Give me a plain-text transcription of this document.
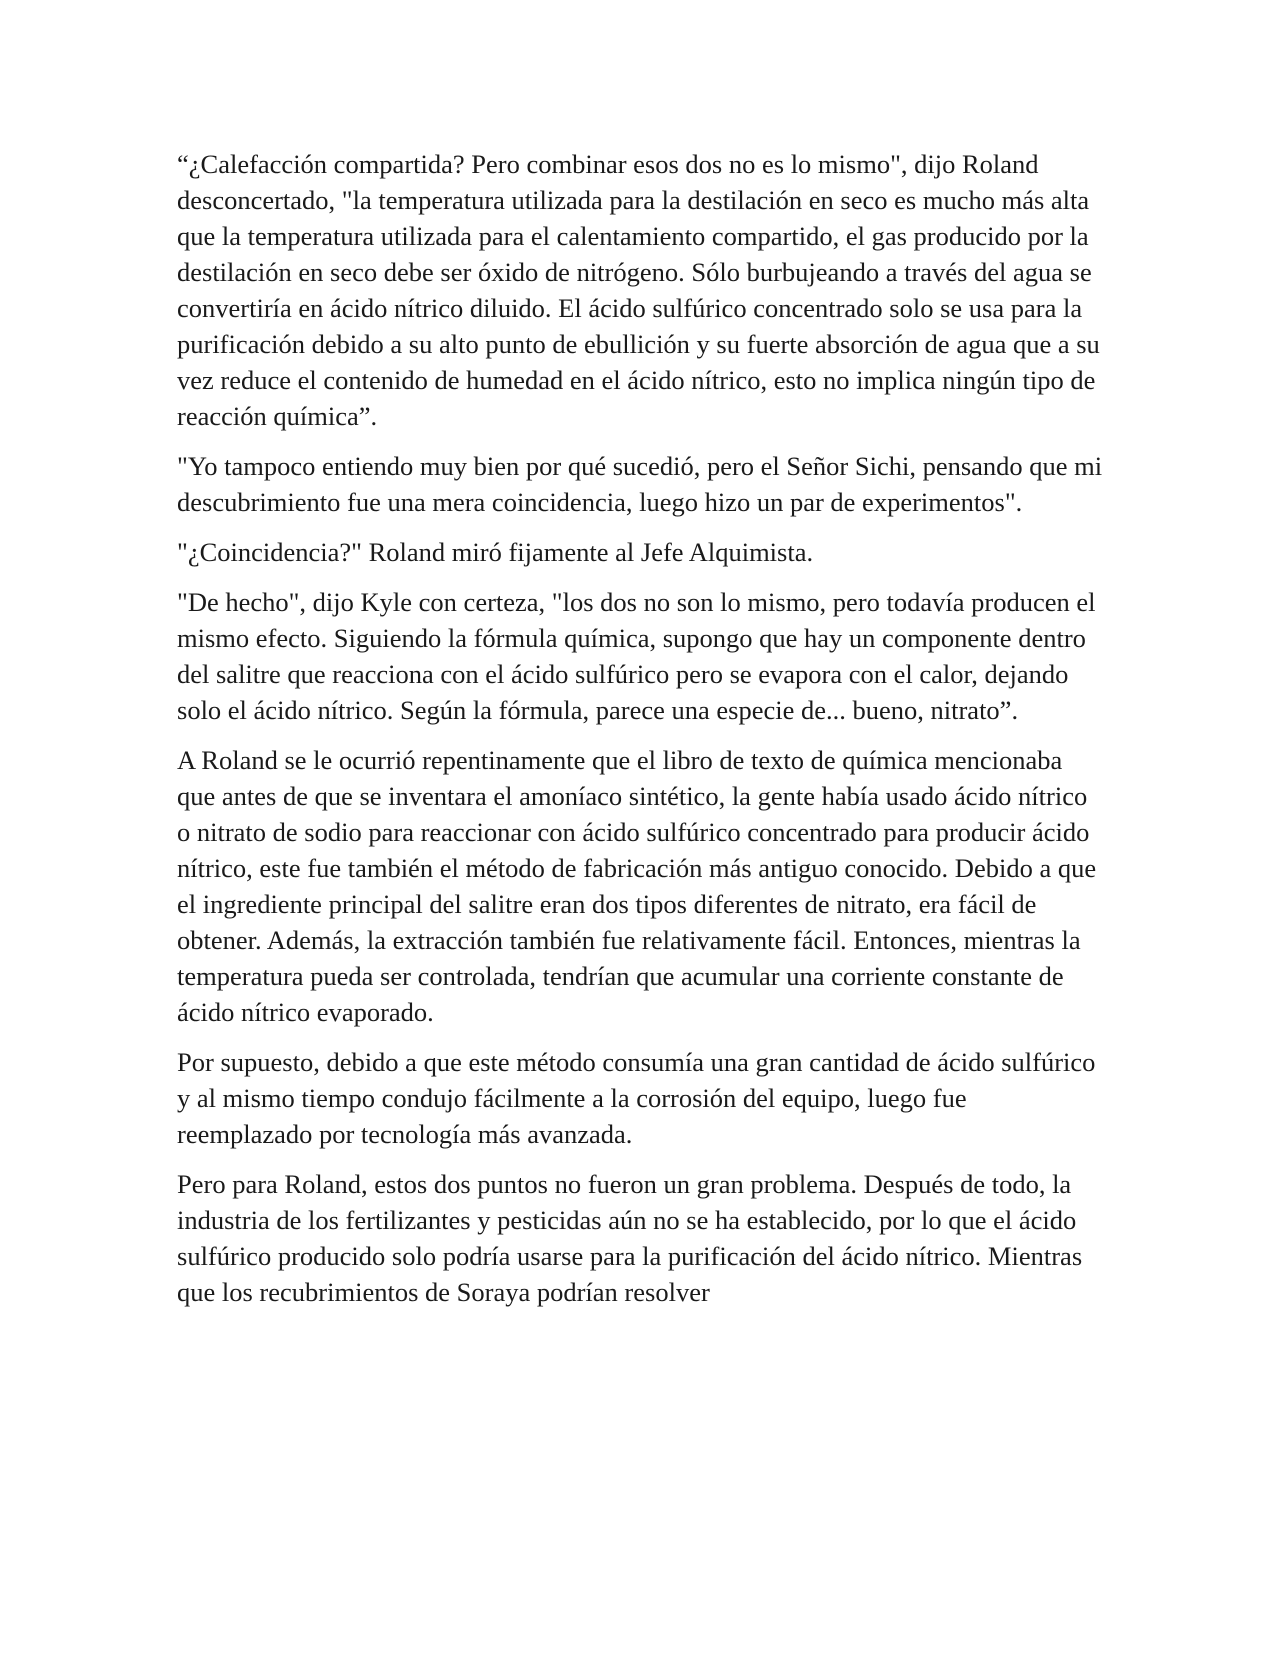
“¿Calefacción compartida? Pero combinar esos dos no es lo mismo", dijo Roland desconcertado, "la temperatura utilizada para la destilación en seco es mucho más alta que la temperatura utilizada para el calentamiento compartido, el gas producido por la destilación en seco debe ser óxido de nitrógeno. Sólo burbujeando a través del agua se convertiría en ácido nítrico diluido. El ácido sulfúrico concentrado solo se usa para la purificación debido a su alto punto de ebullición y su fuerte absorción de agua que a su vez reduce el contenido de humedad en el ácido nítrico, esto no implica ningún tipo de reacción química”.

"Yo tampoco entiendo muy bien por qué sucedió, pero el Señor Sichi, pensando que mi descubrimiento fue una mera coincidencia, luego hizo un par de experimentos".

"¿Coincidencia?" Roland miró fijamente al Jefe Alquimista.

"De hecho", dijo Kyle con certeza, "los dos no son lo mismo, pero todavía producen el mismo efecto. Siguiendo la fórmula química, supongo que hay un componente dentro del salitre que reacciona con el ácido sulfúrico pero se evapora con el calor, dejando solo el ácido nítrico. Según la fórmula, parece una especie de... bueno, nitrato”.

A Roland se le ocurrió repentinamente que el libro de texto de química mencionaba que antes de que se inventara el amoníaco sintético, la gente había usado ácido nítrico o nitrato de sodio para reaccionar con ácido sulfúrico concentrado para producir ácido nítrico, este fue también el método de fabricación más antiguo conocido. Debido a que el ingrediente principal del salitre eran dos tipos diferentes de nitrato, era fácil de obtener. Además, la extracción también fue relativamente fácil. Entonces, mientras la temperatura pueda ser controlada, tendrían que acumular una corriente constante de ácido nítrico evaporado.

Por supuesto, debido a que este método consumía una gran cantidad de ácido sulfúrico y al mismo tiempo condujo fácilmente a la corrosión del equipo, luego fue reemplazado por tecnología más avanzada.

Pero para Roland, estos dos puntos no fueron un gran problema. Después de todo, la industria de los fertilizantes y pesticidas aún no se ha establecido, por lo que el ácido sulfúrico producido solo podría usarse para la purificación del ácido nítrico. Mientras que los recubrimientos de Soraya podrían resolver
